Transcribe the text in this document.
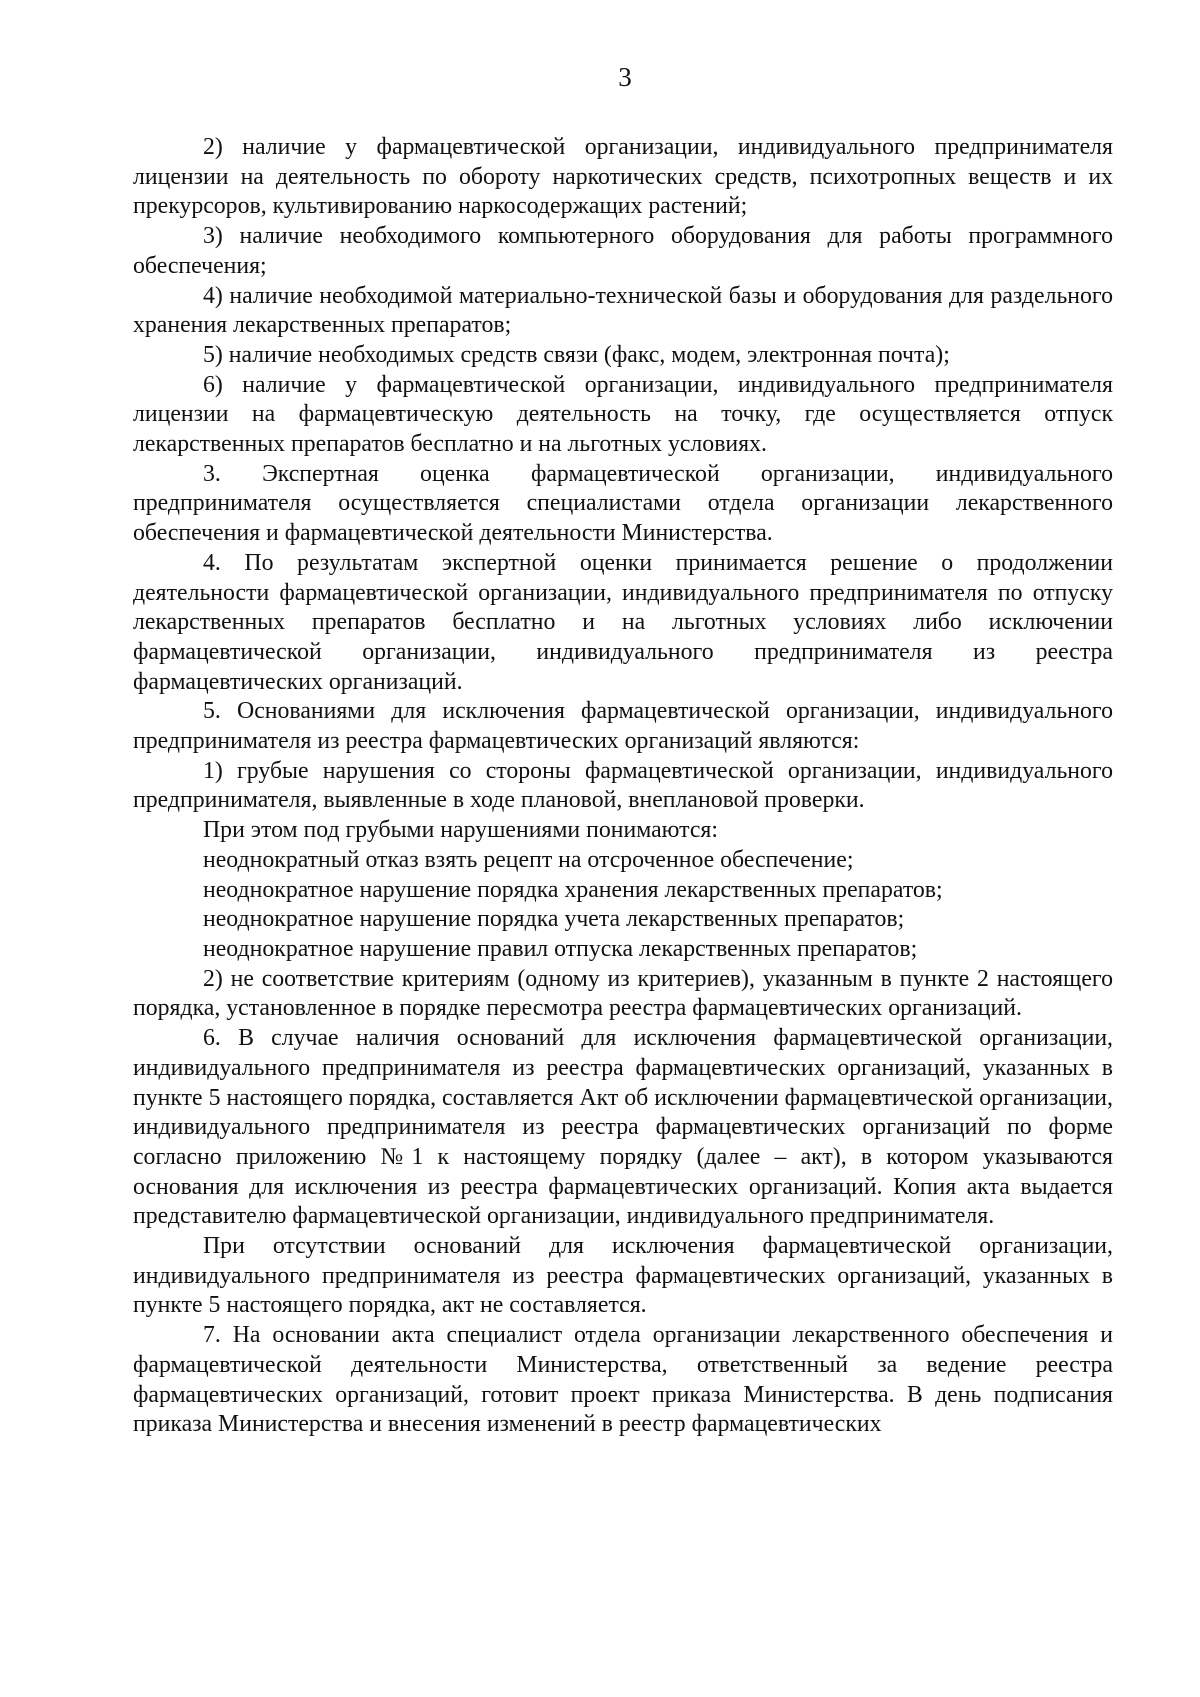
3

2) наличие у фармацевтической организации, индивидуального предпринимателя лицензии на деятельность по обороту наркотических средств, психотропных веществ и их прекурсоров, культивированию наркосодержащих растений;

3) наличие необходимого компьютерного оборудования для работы программного обеспечения;

4) наличие необходимой материально-технической базы и оборудования для раздельного хранения лекарственных препаратов;

5) наличие необходимых средств связи (факс, модем, электронная почта);

6) наличие у фармацевтической организации, индивидуального предпринимателя лицензии на фармацевтическую деятельность на точку, где осуществляется отпуск лекарственных препаратов бесплатно и на льготных условиях.

3. Экспертная оценка фармацевтической организации, индивидуального предпринимателя осуществляется специалистами отдела организации лекарственного обеспечения и фармацевтической деятельности Министерства.

4. По результатам экспертной оценки принимается решение о продолжении деятельности фармацевтической организации, индивидуального предпринимателя по отпуску лекарственных препаратов бесплатно и на льготных условиях либо исключении фармацевтической организации, индивидуального предпринимателя из реестра фармацевтических организаций.

5. Основаниями для исключения фармацевтической организации, индивидуального предпринимателя из реестра фармацевтических организаций являются:

1) грубые нарушения со стороны фармацевтической организации, индивидуального предпринимателя, выявленные в ходе плановой, внеплановой проверки.

При этом под грубыми нарушениями понимаются:

неоднократный отказ взять рецепт на отсроченное обеспечение;

неоднократное нарушение порядка хранения лекарственных препаратов;

неоднократное нарушение порядка учета лекарственных препаратов;

неоднократное нарушение правил отпуска лекарственных препаратов;

2) не соответствие критериям (одному из критериев), указанным в пункте 2 настоящего порядка, установленное в порядке пересмотра реестра фармацевтических организаций.

6. В случае наличия оснований для исключения фармацевтической организации, индивидуального предпринимателя из реестра фармацевтических организаций, указанных в пункте 5 настоящего порядка, составляется Акт об исключении фармацевтической организации, индивидуального предпринимателя из реестра фармацевтических организаций по форме согласно приложению №1 к настоящему порядку (далее – акт), в котором указываются основания для исключения из реестра фармацевтических организаций. Копия акта выдается представителю фармацевтической организации, индивидуального предпринимателя.

При отсутствии оснований для исключения фармацевтической организации, индивидуального предпринимателя из реестра фармацевтических организаций, указанных в пункте 5 настоящего порядка, акт не составляется.

7. На основании акта специалист отдела организации лекарственного обеспечения и фармацевтической деятельности Министерства, ответственный за ведение реестра фармацевтических организаций, готовит проект приказа Министерства. В день подписания приказа Министерства и внесения изменений в реестр фармацевтических
